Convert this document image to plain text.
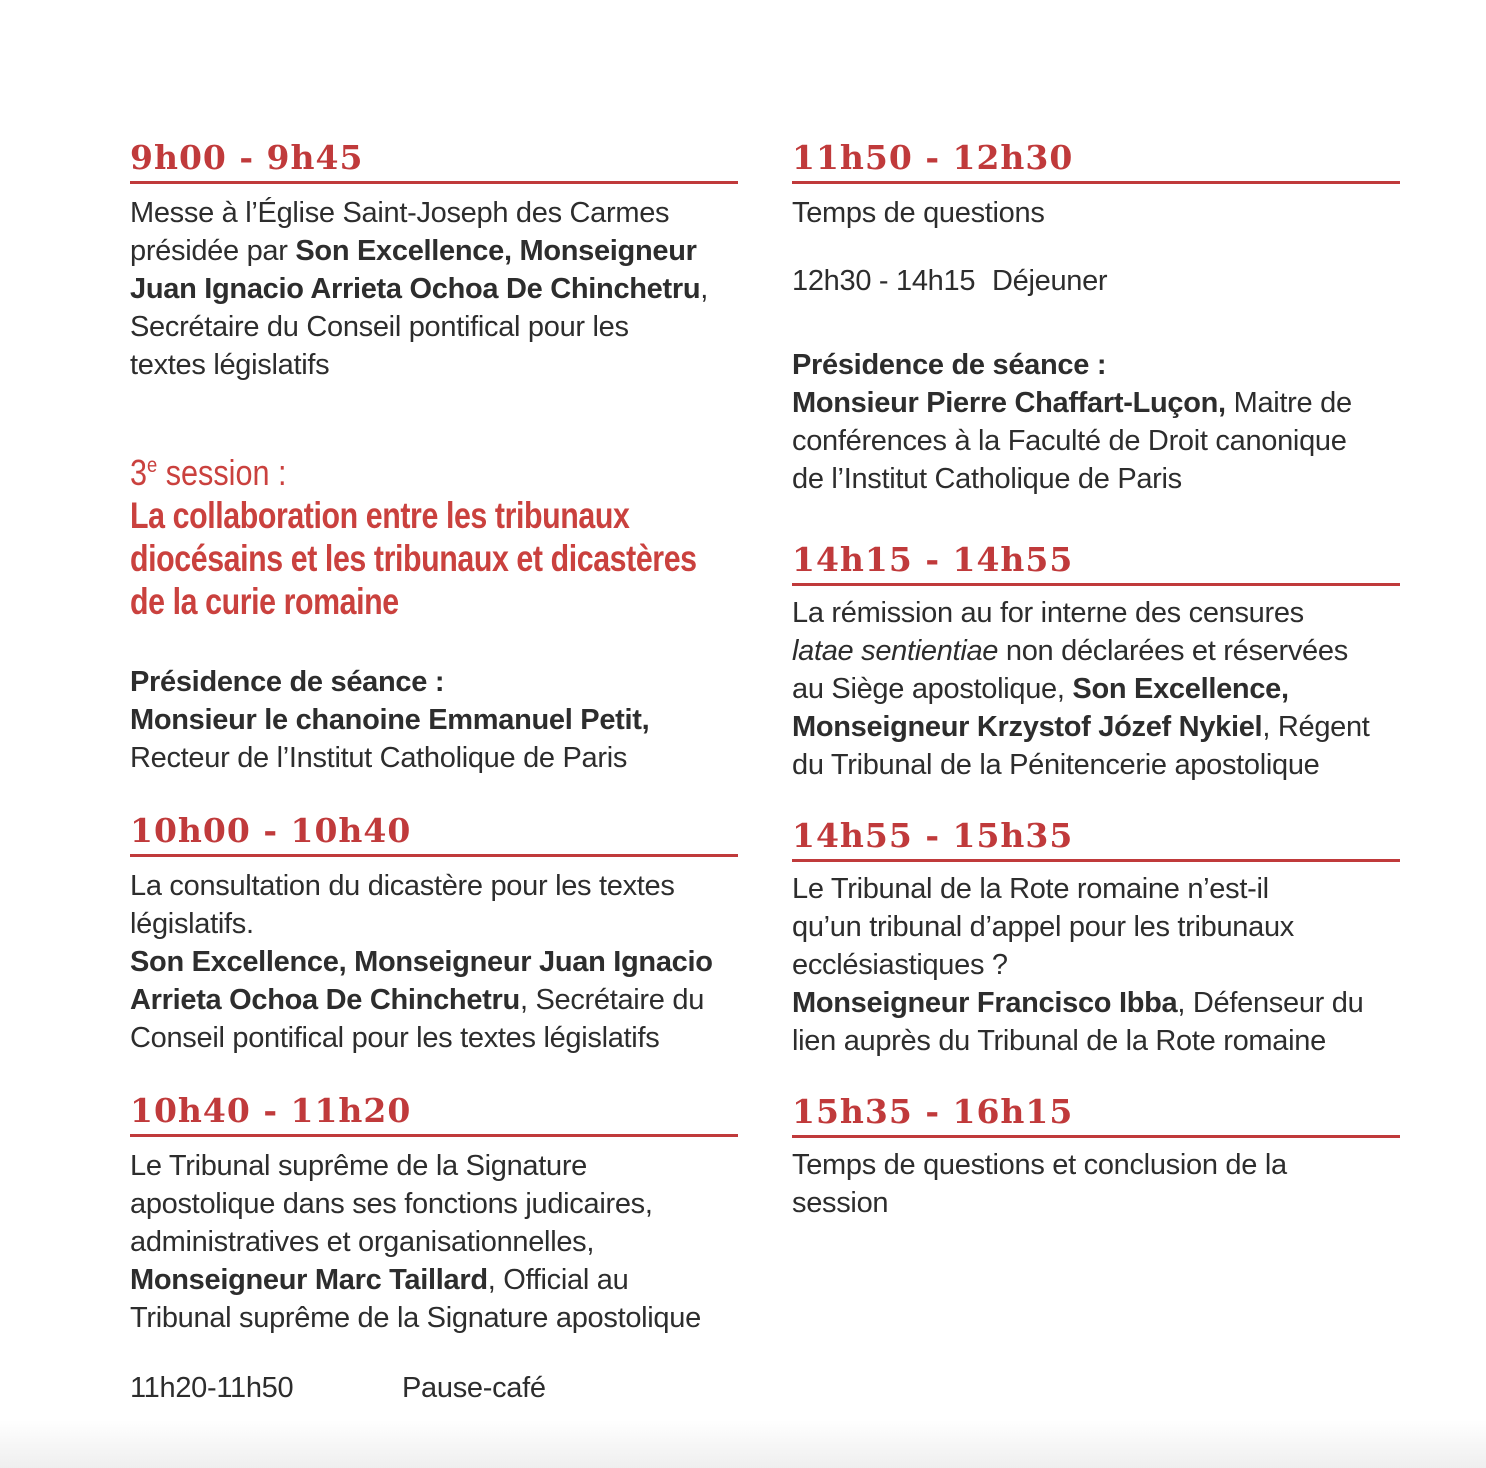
9h00 - 9h45
Messe à l’Église Saint-Joseph des Carmes
présidée par Son Excellence, Monseigneur
Juan Ignacio Arrieta Ochoa De Chinchetru,
Secrétaire du Conseil pontifical pour les
textes législatifs
3e session :
La collaboration entre les tribunaux
diocésains et les tribunaux et dicastères
de la curie romaine
Présidence de séance :
Monsieur le chanoine Emmanuel Petit,
Recteur de l’Institut Catholique de Paris
10h00 - 10h40
La consultation du dicastère pour les textes
législatifs.
Son Excellence, Monseigneur Juan Ignacio
Arrieta Ochoa De Chinchetru, Secrétaire du
Conseil pontifical pour les textes législatifs
10h40 - 11h20
Le Tribunal suprême de la Signature
apostolique dans ses fonctions judicaires,
administratives et organisationnelles,
Monseigneur Marc Taillard, Official au
Tribunal suprême de la Signature apostolique
11h20-11h50	Pause-café
11h50 - 12h30
Temps de questions
12h30 - 14h15 Déjeuner
Présidence de séance :
Monsieur Pierre Chaffart-Luçon, Maitre de
conférences à la Faculté de Droit canonique
de l’Institut Catholique de Paris
14h15 - 14h55
La rémission au for interne des censures
latae sentientiae non déclarées et réservées
au Siège apostolique, Son Excellence,
Monseigneur Krzystof Józef Nykiel, Régent
du Tribunal de la Pénitencerie apostolique
14h55 - 15h35
Le Tribunal de la Rote romaine n’est-il
qu’un tribunal d’appel pour les tribunaux
ecclésiastiques ?
Monseigneur Francisco Ibba, Défenseur du
lien auprès du Tribunal de la Rote romaine
15h35 - 16h15
Temps de questions et conclusion de la
session
